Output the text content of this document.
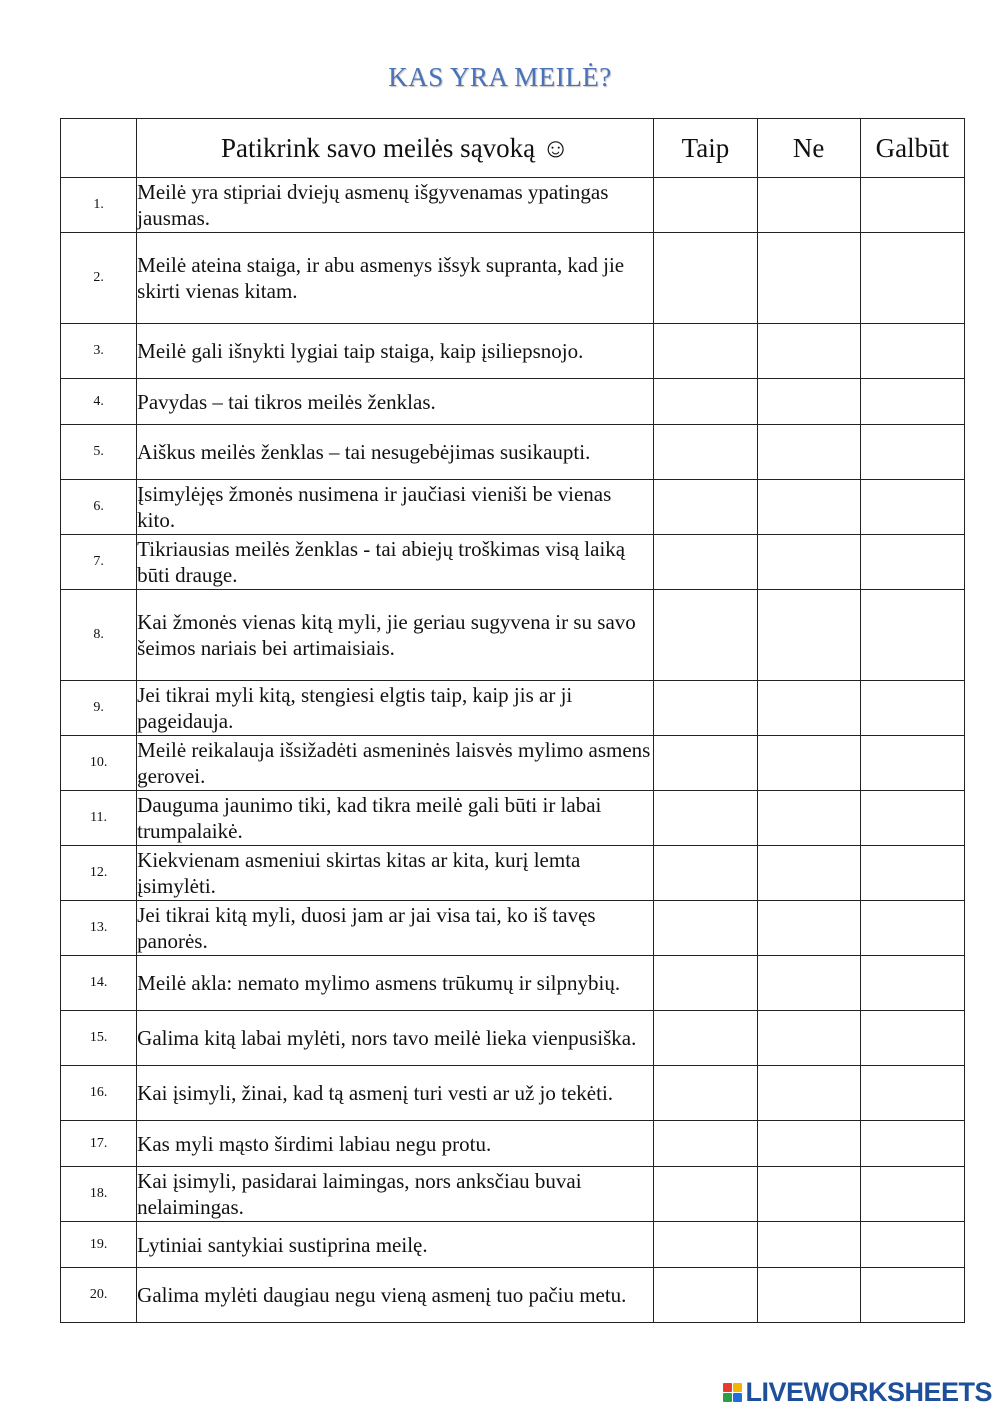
KAS YRA MEILĖ?
	Patikrink savo meilės sąvoką ☺	Taip	Ne	Galbūt
1.	Meilė yra stipriai dviejų asmenų išgyvenamas ypatingas jausmas.			
2.	Meilė ateina staiga, ir abu asmenys išsyk supranta, kad jie skirti vienas kitam.			
3.	Meilė gali išnykti lygiai taip staiga, kaip įsiliepsnojo.			
4.	Pavydas – tai tikros meilės ženklas.			
5.	Aiškus meilės ženklas – tai nesugebėjimas susikaupti.			
6.	Įsimylėjęs žmonės nusimena ir jaučiasi vieniši be vienas kito.			
7.	Tikriausias meilės ženklas - tai abiejų troškimas visą laiką būti drauge.			
8.	Kai žmonės vienas kitą myli, jie geriau sugyvena ir su savo šeimos nariais bei artimaisiais.			
9.	Jei tikrai myli kitą, stengiesi elgtis taip, kaip jis ar ji pageidauja.			
10.	Meilė reikalauja išsižadėti asmeninės laisvės mylimo asmens gerovei.			
11.	Dauguma jaunimo tiki, kad tikra meilė gali būti ir labai trumpalaikė.			
12.	Kiekvienam asmeniui skirtas kitas ar kita, kurį lemta įsimylėti.			
13.	Jei tikrai kitą myli, duosi jam ar jai visa tai, ko iš tavęs panorės.			
14.	Meilė akla: nemato mylimo asmens trūkumų ir silpnybių.			
15.	Galima kitą labai mylėti, nors tavo meilė lieka vienpusiška.			
16.	Kai įsimyli, žinai, kad tą asmenį turi vesti ar už jo tekėti.			
17.	Kas myli mąsto širdimi labiau negu protu.			
18.	Kai įsimyli, pasidarai laimingas, nors anksčiau buvai nelaimingas.			
19.	Lytiniai santykiai sustiprina meilę.			
20.	Galima mylėti daugiau negu vieną asmenį tuo pačiu metu.			
LIVEWORKSHEETS
